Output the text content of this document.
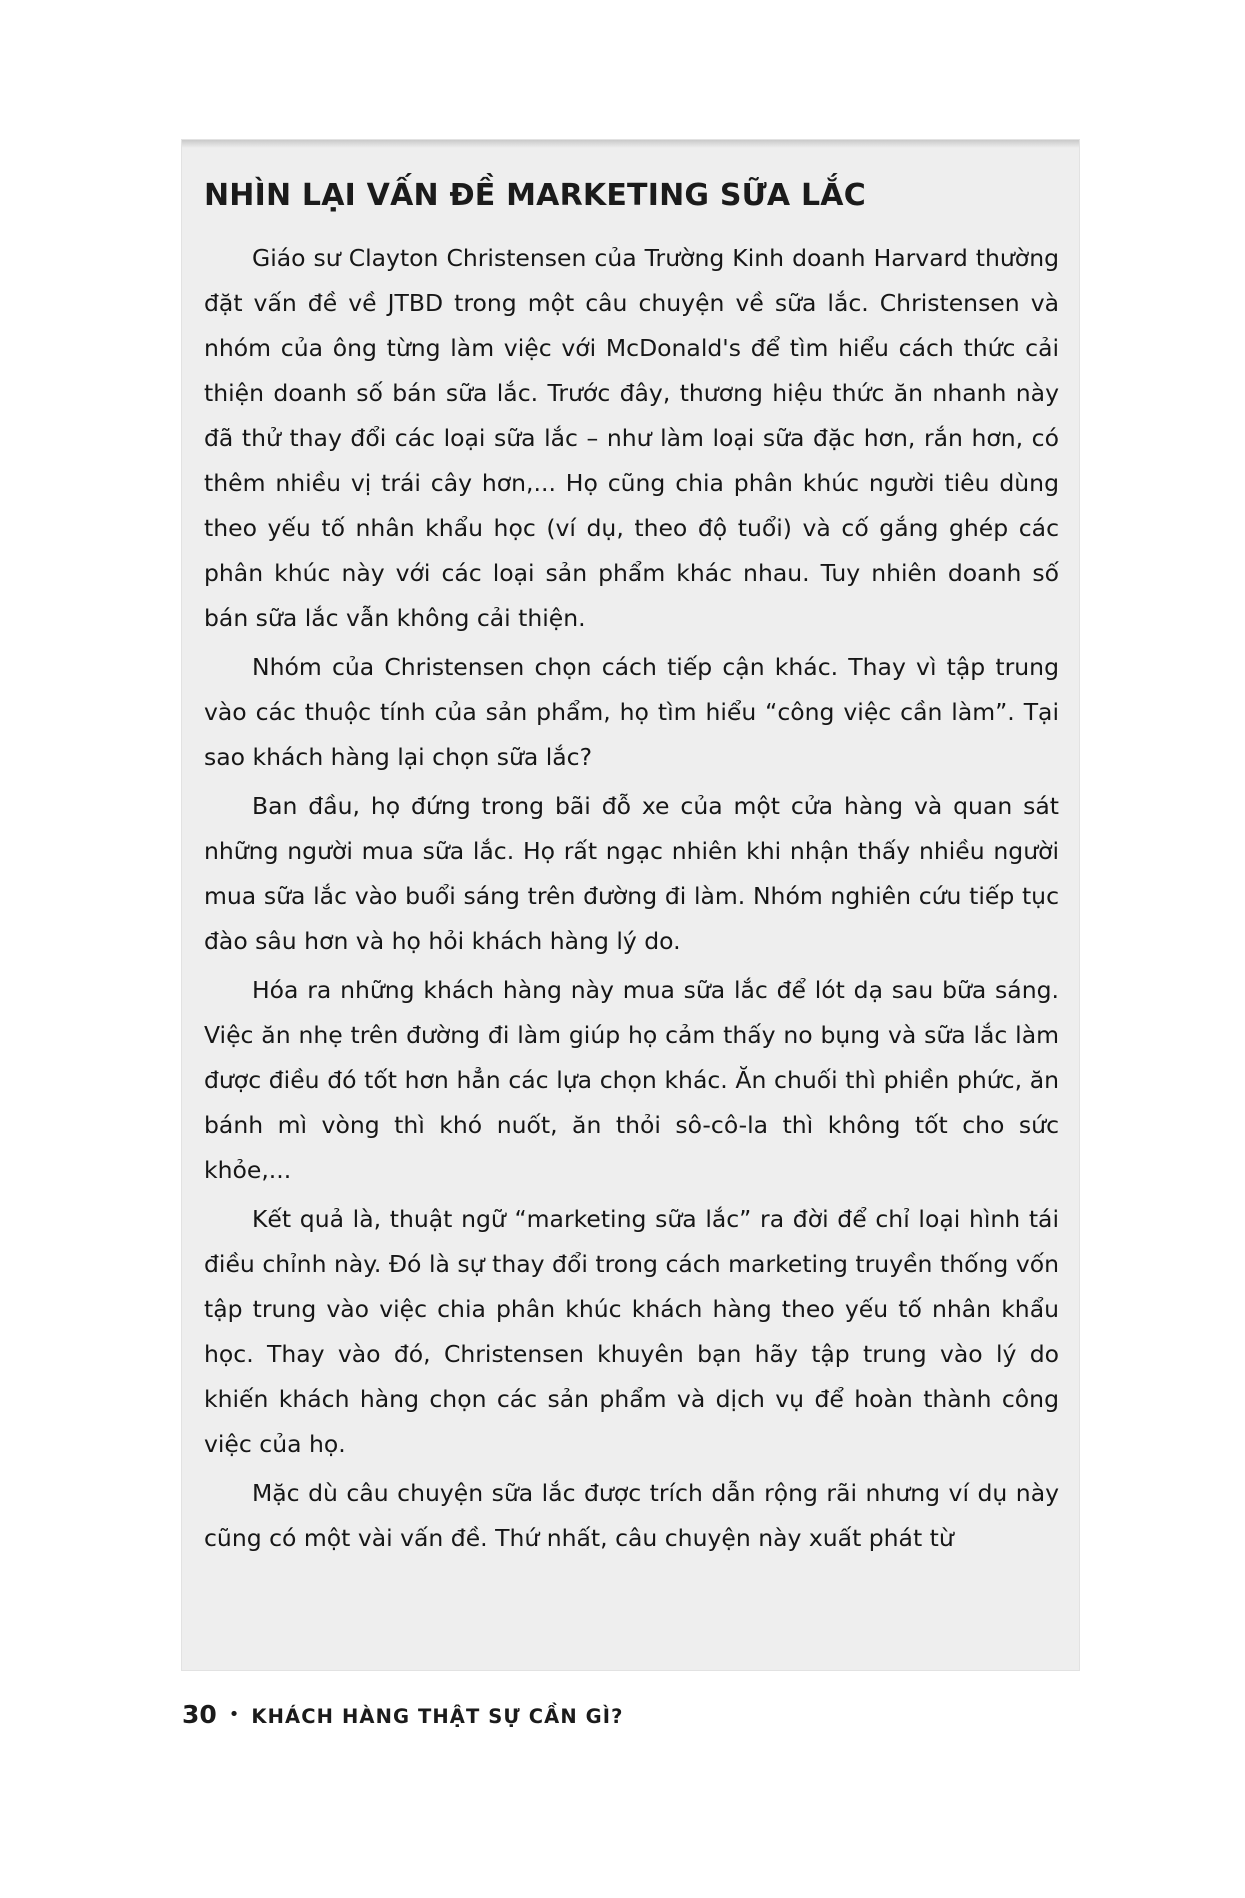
NHÌN LẠI VẤN ĐỀ MARKETING SỮA LẮC

Giáo sư Clayton Christensen của Trường Kinh doanh Harvard thường đặt vấn đề về JTBD trong một câu chuyện về sữa lắc. Christensen và nhóm của ông từng làm việc với McDonald's để tìm hiểu cách thức cải thiện doanh số bán sữa lắc. Trước đây, thương hiệu thức ăn nhanh này đã thử thay đổi các loại sữa lắc – như làm loại sữa đặc hơn, rắn hơn, có thêm nhiều vị trái cây hơn,... Họ cũng chia phân khúc người tiêu dùng theo yếu tố nhân khẩu học (ví dụ, theo độ tuổi) và cố gắng ghép các phân khúc này với các loại sản phẩm khác nhau. Tuy nhiên doanh số bán sữa lắc vẫn không cải thiện.

Nhóm của Christensen chọn cách tiếp cận khác. Thay vì tập trung vào các thuộc tính của sản phẩm, họ tìm hiểu “công việc cần làm”. Tại sao khách hàng lại chọn sữa lắc?

Ban đầu, họ đứng trong bãi đỗ xe của một cửa hàng và quan sát những người mua sữa lắc. Họ rất ngạc nhiên khi nhận thấy nhiều người mua sữa lắc vào buổi sáng trên đường đi làm. Nhóm nghiên cứu tiếp tục đào sâu hơn và họ hỏi khách hàng lý do.

Hóa ra những khách hàng này mua sữa lắc để lót dạ sau bữa sáng. Việc ăn nhẹ trên đường đi làm giúp họ cảm thấy no bụng và sữa lắc làm được điều đó tốt hơn hẳn các lựa chọn khác. Ăn chuối thì phiền phức, ăn bánh mì vòng thì khó nuốt, ăn thỏi sô-cô-la thì không tốt cho sức khỏe,...

Kết quả là, thuật ngữ “marketing sữa lắc” ra đời để chỉ loại hình tái điều chỉnh này. Đó là sự thay đổi trong cách marketing truyền thống vốn tập trung vào việc chia phân khúc khách hàng theo yếu tố nhân khẩu học. Thay vào đó, Christensen khuyên bạn hãy tập trung vào lý do khiến khách hàng chọn các sản phẩm và dịch vụ để hoàn thành công việc của họ.

Mặc dù câu chuyện sữa lắc được trích dẫn rộng rãi nhưng ví dụ này cũng có một vài vấn đề. Thứ nhất, câu chuyện này xuất phát từ

30 • KHÁCH HÀNG THẬT SỰ CẦN GÌ?
